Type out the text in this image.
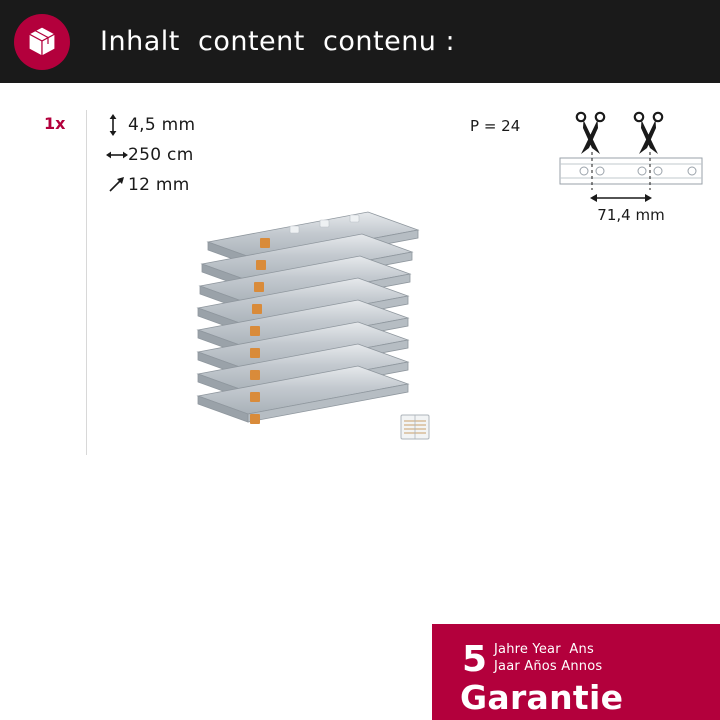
Inhalt  content  contenu :
1x	4,5 mm
250 cm
12 mm
P = 24
71,4 mm
5 Jahre Year  Ans
Jaar Años Annos
Garantie
